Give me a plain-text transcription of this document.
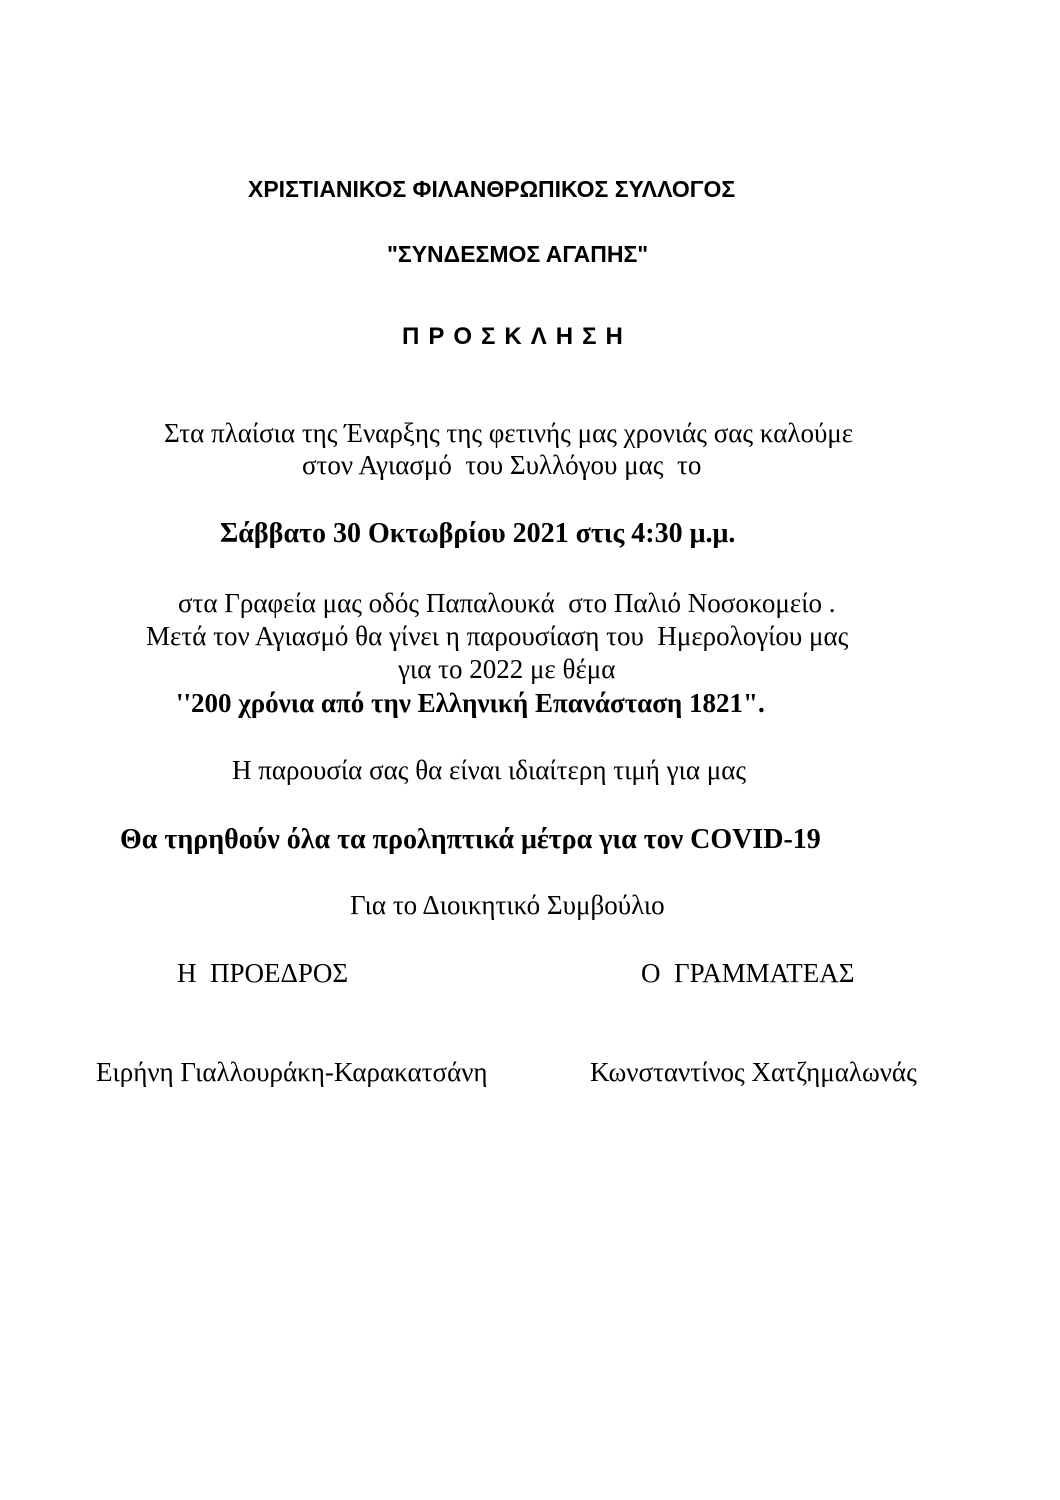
ΧΡΙΣΤΙΑΝΙΚΟΣ ΦΙΛΑΝΘΡΩΠΙΚΟΣ ΣΥΛΛΟΓΟΣ
"ΣΥΝΔΕΣΜΟΣ ΑΓΑΠΗΣ"
ΠΡΟΣΚΛΗΣΗ
Στα πλαίσια της Έναρξης της φετινής μας χρονιάς σας καλούμε
στον Αγιασμό  του Συλλόγου μας  το
Σάββατο 30 Οκτωβρίου 2021 στις 4:30 μ.μ.
στα Γραφεία μας οδός Παπαλουκά  στο Παλιό Νοσοκομείο .
Μετά τον Αγιασμό θα γίνει η παρουσίαση του  Ημερολογίου μας
για το 2022 με θέμα
''200 χρόνια από την Ελληνική Επανάσταση 1821".
Η παρουσία σας θα είναι ιδιαίτερη τιμή για μας
Θα τηρηθούν όλα τα προληπτικά μέτρα για τον COVID-19
Για το Διοικητικό Συμβούλιο
Η  ΠΡΟΕΔΡΟΣ	Ο  ΓΡΑΜΜΑΤΕΑΣ
Ειρήνη Γιαλλουράκη-Καρακατσάνη	Κωνσταντίνος Χατζημαλωνάς
